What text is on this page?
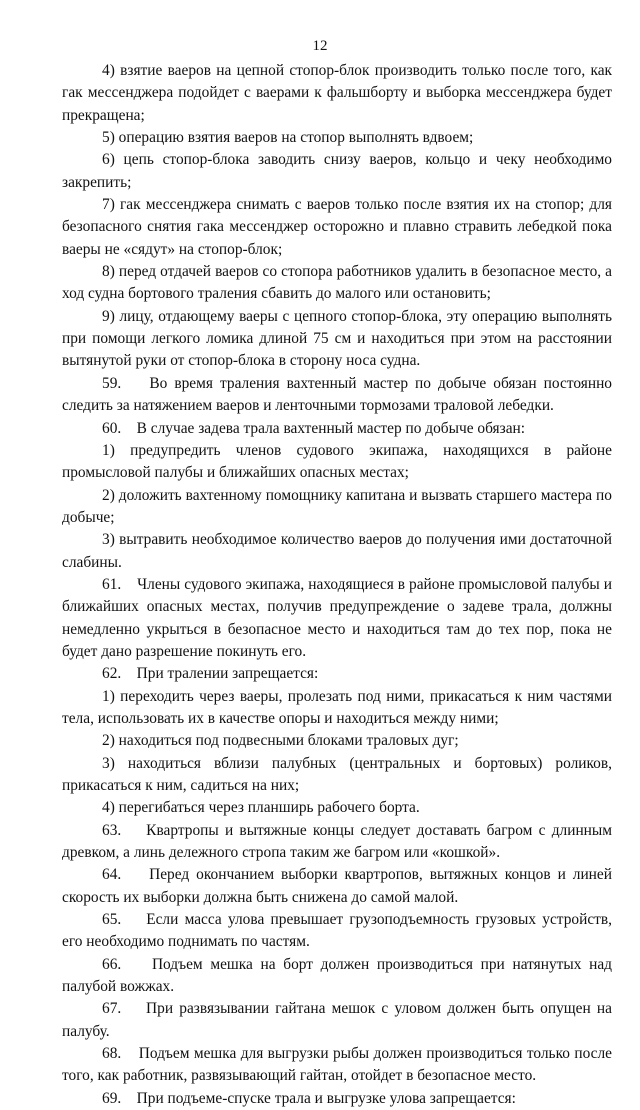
12

4) взятие ваеров на цепной стопор-блок производить только после того, как гак мессенджера подойдет с ваерами к фальшборту и выборка мессенджера будет прекращена;

5) операцию взятия ваеров на стопор выполнять вдвоем;

6) цепь стопор-блока заводить снизу ваеров, кольцо и чеку необходимо закрепить;

7) гак мессенджера снимать с ваеров только после взятия их на стопор; для безопасного снятия гака мессенджер осторожно и плавно стравить лебедкой пока ваеры не «сядут» на стопор-блок;

8) перед отдачей ваеров со стопора работников удалить в безопасное место, а ход судна бортового траления сбавить до малого или остановить;

9) лицу, отдающему ваеры с цепного стопор-блока, эту операцию выполнять при помощи легкого ломика длиной 75 см и находиться при этом на расстоянии вытянутой руки от стопор-блока в сторону носа судна.

59.    Во время траления вахтенный мастер по добыче обязан постоянно следить за натяжением ваеров и ленточными тормозами траловой лебедки.

60.    В случае задева трала вахтенный мастер по добыче обязан:

1) предупредить членов судового экипажа, находящихся в районе промысловой палубы и ближайших опасных местах;

2) доложить вахтенному помощнику капитана и вызвать старшего мастера по добыче;

3) вытравить необходимое количество ваеров до получения ими достаточной слабины.

61.    Члены судового экипажа, находящиеся в районе промысловой палубы и ближайших опасных местах, получив предупреждение о задеве трала, должны немедленно укрыться в безопасное место и находиться там до тех пор, пока не будет дано разрешение покинуть его.

62.    При тралении запрещается:

1) переходить через ваеры, пролезать под ними, прикасаться к ним частями тела, использовать их в качестве опоры и находиться между ними;

2) находиться под подвесными блоками траловых дуг;

3) находиться вблизи палубных (центральных и бортовых) роликов, прикасаться к ним, садиться на них;

4) перегибаться через планширь рабочего борта.

63.    Квартропы и вытяжные концы следует доставать багром с длинным древком, а линь дележного стропа таким же багром или «кошкой».

64.    Перед окончанием выборки квартропов, вытяжных концов и линей скорость их выборки должна быть снижена до самой малой.

65.    Если масса улова превышает грузоподъемность грузовых устройств, его необходимо поднимать по частям.

66.    Подъем мешка на борт должен производиться при натянутых над палубой вожжах.

67.    При развязывании гайтана мешок с уловом должен быть опущен на палубу.

68.    Подъем мешка для выгрузки рыбы должен производиться только после того, как работник, развязывающий гайтан, отойдет в безопасное место.

69.    При подъеме-спуске трала и выгрузке улова запрещается:
